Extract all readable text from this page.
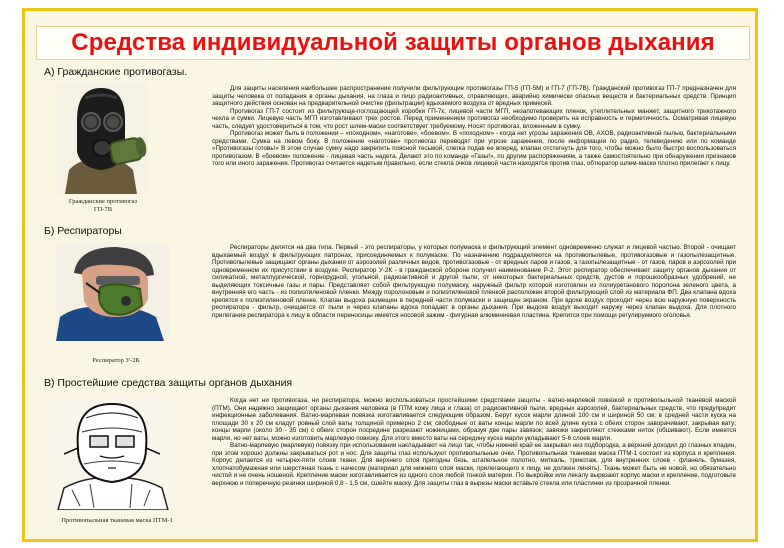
Средства индивидуальной защиты органов дыхания
А) Гражданские противогазы.
Гражданские противогаз
ГП-7В

Для защиты населения наибольшее распространение получили фильтрующие противогазы ГП-5 (ГП-5М) и ГП-7 (ГП-7В). Гражданский противогаз ГП-7 предназначен для защиты человека от попадания в органы дыхания, на глаза и лицо радиоактивных, отравляющих, аварийно химически опасных веществ и бактериальных средств. Принцип защитного действия основан на предварительной очистке (фильтрации) вдыхаемого воздуха от вредных примесей.

Противогаз ГП-7 состоит из фильтрующе-поглощающей коробки ГП-7к, лицевой части МГП, незапотевающих пленок, утеплительных манжет, защитного трикотажного чехла и сумки. Лицевую часть МГП изготавливают трех ростов. Перед применением противогаз необходимо проверить на исправность и герметичность. Осматривая лицевую часть, следует удостовериться в том, что рост шлем-маски соответствует требуемому. Носят противогаз, вложенным в сумку.

Противогаз может быть в положении – «походном», «наготове», «боевом». В «походном» - когда нет угрозы заражения ОВ, АХОВ, радиоактивной пылью, бактериальными средствами. Сумка на левом боку. В положение «наготове» противогаз переводят при угрозе заражения, после информации по радио, телевидению или по команде «Противогазы готовь!» В этом случае сумку надо закрепить поясной тесьмой, слегка подав ее вперед, клапан отстегнуть для того, чтобы можно было быстро воспользоваться противогазом. В «боевом» положение - лицевая часть надета. Делают это по команде «Газы!», по другим распоряжениям, а также самостоятельно при обнаружении признаков того или иного заражения. Противогаз считается надетым правильно, если стекла очков лицевой части находятся против глаз, обтюратор шлем-маски плотно прилегает к лицу.

Б) Респираторы
Респиратор У-2К

Респираторы делятся на два типа. Первый - это респираторы, у которых полумаска и фильтрующий элемент одновременно служат и лицевой частью. Второй - очищает вдыхаемый воздух в фильтрующих патронах, присоединяемых к полумаске. По назначению подразделяются на противопылевые, противогазовые и газопылезащитные. Противопылевые защищают органы дыхания от аэрозолей различных видов, противогазовые - от вредных паров и газов, а газопылезащитные - от газов, паров и аэрозолей при одновременном их присутствии в воздухе. Респиратор У-2К - в гражданской обороне получил наименование Р-2. Этот респиратор обеспечивает защиту органов дыхания от силикатной, металлургической, горнорудной, угольной, радиоактивной и другой пыли, от некоторых бактериальных средств, дустов и порошкообразных удобрений, не выделяющих токсичные газы и пары. Представляет собой фильтрующую полумаску, наружный фильтр которой изготовлен из полиуретанового поролона зеленого цвета, а внутренняя его часть - из полиэтиленовой пленки. Между поролоновым и полиэтиленовой пленкой расположен второй фильтрующий слой из материала ФП. Два клапана вдоха крепятся к полиэтиленовой пленке. Клапан выдоха размещен в передней части полумаски и защищен экраном. При вдохе воздух проходит через всю наружную поверхность респиратора - фильтр, очищается от пыли и через клапаны вдоха попадает в органы дыхания. При выдохе воздух выходит наружу через клапан выдоха. Для плотного прилегания респиратора к лицу в области переносицы имеется носовой зажим - фигурная алюминиевая пластина. Крепится при помощи регулируемого оголовья.

В) Простейшие средства защиты органов дыхания
Противопыльная тканевая маска ПТМ-1

Когда нет ни противогаза, ни респиратора, можно воспользоваться простейшими средствами защиты - ватно-марлевой повязкой и противопыльной тканевой маской (ПТМ). Они надежно защищают органы дыхания человека (в ПТМ кожу лица и глаза) от радиоактивной пыли, вредных аэрозолей, бактериальных средств, что предупредит инфекционные заболевания. Ватно-марлевая повязка изготавливается следующим образом. Берут кусок марли длиной 100 см и шириной 50 см; в средней части куска на площади 30 х 20 см кладут ровный слой ваты толщиной примерно 2 см; свободные от ваты концы марли по всей длине куска с обеих сторон заворачивают, закрывая вату; концы марли (около 30 - 35 см) с обеих сторон посредине разрезают ножницами, образуя две пары завязок; завязки закрепляют стежками ниток (обшивают). Если имеется марля, но нет ваты, можно изготовить марлевую повязку. Для этого вместо ваты на середину куска марли укладывают 5-6 слоев марли.

Ватно-марлевую (марлевую) повязку при использовании накладывают на лицо так, чтобы нижний край ее закрывал низ подбородка, а верхний доходил до глазных впадин, при этом хорошо должны закрываться рот и нос. Для защиты глаз используют противопыльные очки. Противопыльная тканевая маска ПТМ-1 состоит из корпуса и крепления. Корпус делается из четырех-пяти слоев ткани. Для верхнего слоя пригодны бязь, штапельное полотно, миткаль, трикотаж, для внутренних слоев - фланель, бумазея, хлопчатобумажная или шерстяная ткань с начесом (материал для нижнего слоя маски, прилегающего к лицу, не должен линять). Ткань может быть не новой, но обязательно чистой и не очень ношеной. Крепление маски изготавливается из одного слоя любой тонкой материи. По выкройке или лекалу вырезают корпус маски и крепление, подготовьте верхнюю и поперечную резинки шириной 0,8 - 1,5 см, сшейте маску. Для защиты глаз в вырезы маски вставьте стекла или пластинки из прозрачной пленки.
